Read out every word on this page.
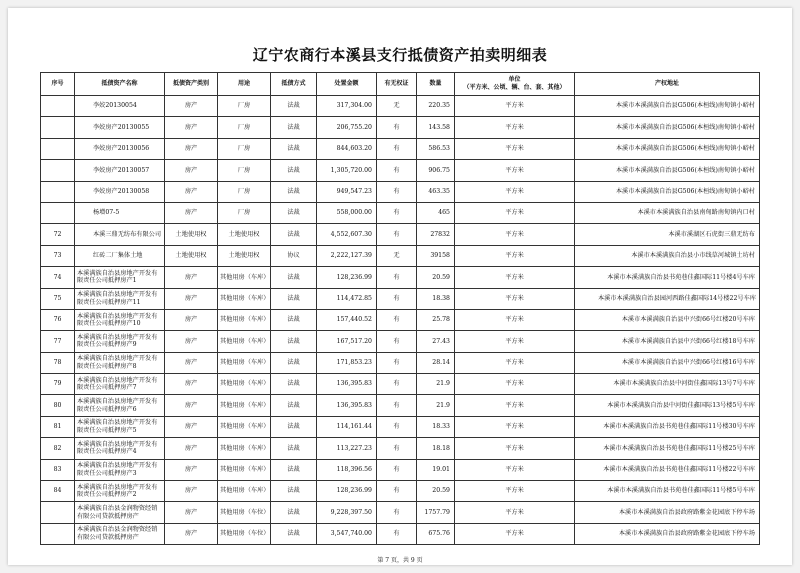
辽宁农商行本溪县支行抵债资产拍卖明细表
序号	抵债资产名称	抵债资产类别	用途	抵债方式	处置金额	有无权证	数量	单位
（平方米、公顷、辆、台、套、其他）	产权地址
	李姣20130054	房产	厂房	法裁	317,304.00	无	220.35	平方米	本溪市本溪满族自治县G506(本桓线)南甸镇小峪村
	李姣房产20130055	房产	厂房	法裁	206,755.20	有	143.58	平方米	本溪市本溪满族自治县G506(本桓线)南甸镇小峪村
	李姣房产20130056	房产	厂房	法裁	844,603.20	有	586.53	平方米	本溪市本溪满族自治县G506(本桓线)南甸镇小峪村
	李姣房产20130057	房产	厂房	法裁	1,305,720.00	有	906.75	平方米	本溪市本溪满族自治县G506(本桓线)南甸镇小峪村
	李姣房产20130058	房产	厂房	法裁	949,547.23	有	463.35	平方米	本溪市本溪满族自治县G506(本桓线)南甸镇小峪村
	杨增07-5	房产	厂房	法裁	558,000.00	有	465	平方米	本溪市本溪满族自治县南甸路南甸镇内口村
72	本溪三鼎无纺布有限公司	土地使用权	土地使用权	法裁	4,552,607.30	有	27832	平方米	本溪市溪湖区石虎街三鼎无纺布
73	红砖二厂集体土地	土地使用权	土地使用权	协议	2,222,127.39	无	39158	平方米	本溪市本溪满族自治县小市线草河城镇土坊村
74	本溪满族自治县房地产开发有限责任公司抵押房产1	房产	其他用房（车库）	法裁	128,236.99	有	20.59	平方米	本溪市本溪满族自治县书苑巷佳鑫国际11号楼4号车库
75	本溪满族自治县房地产开发有限责任公司抵押房产11	房产	其他用房（车库）	法裁	114,472.85	有	18.38	平方米	本溪市本溪满族自治县园河西路佳鑫国际14号楼22号车库
76	本溪满族自治县房地产开发有限责任公司抵押房产10	房产	其他用房（车库）	法裁	157,440.52	有	25.78	平方米	本溪市本溪满族自治县中兴街66号红楼20号车库
77	本溪满族自治县房地产开发有限责任公司抵押房产9	房产	其他用房（车库）	法裁	167,517.20	有	27.43	平方米	本溪市本溪满族自治县中兴街66号红楼18号车库
78	本溪满族自治县房地产开发有限责任公司抵押房产8	房产	其他用房（车库）	法裁	171,853.23	有	28.14	平方米	本溪市本溪满族自治县中兴街66号红楼16号车库
79	本溪满族自治县房地产开发有限责任公司抵押房产7	房产	其他用房（车库）	法裁	136,395.83	有	21.9	平方米	本溪市本溪满族自治县中河街佳鑫国际13号7号车库
80	本溪满族自治县房地产开发有限责任公司抵押房产6	房产	其他用房（车库）	法裁	136,395.83	有	21.9	平方米	本溪市本溪满族自治县中河街佳鑫国际13号楼5号车库
81	本溪满族自治县房地产开发有限责任公司抵押房产5	房产	其他用房（车库）	法裁	114,161.44	有	18.33	平方米	本溪市本溪满族自治县书苑巷佳鑫国际11号楼30号车库
82	本溪满族自治县房地产开发有限责任公司抵押房产4	房产	其他用房（车库）	法裁	113,227.23	有	18.18	平方米	本溪市本溪满族自治县书苑巷佳鑫国际11号楼25号车库
83	本溪满族自治县房地产开发有限责任公司抵押房产3	房产	其他用房（车库）	法裁	118,396.56	有	19.01	平方米	本溪市本溪满族自治县书苑巷佳鑫国际11号楼22号车库
84	本溪满族自治县房地产开发有限责任公司抵押房产2	房产	其他用房（车库）	法裁	128,236.99	有	20.59	平方米	本溪市本溪满族自治县书苑巷佳鑫国际11号楼5号车库
	本溪满族自治县金润物资经销有限公司贷款抵押房产	房产	其他用房（车位）	法裁	9,228,397.50	有	1757.79	平方米	本溪市本溪满族自治县政府路紫金花园底下停车场
	本溪满族自治县金润物资经销有限公司贷款抵押房产	房产	其他用房（车位）	法裁	3,547,740.00	有	675.76	平方米	本溪市本溪满族自治县政府路紫金花园底下停车场
第 7 页，共 9 页
